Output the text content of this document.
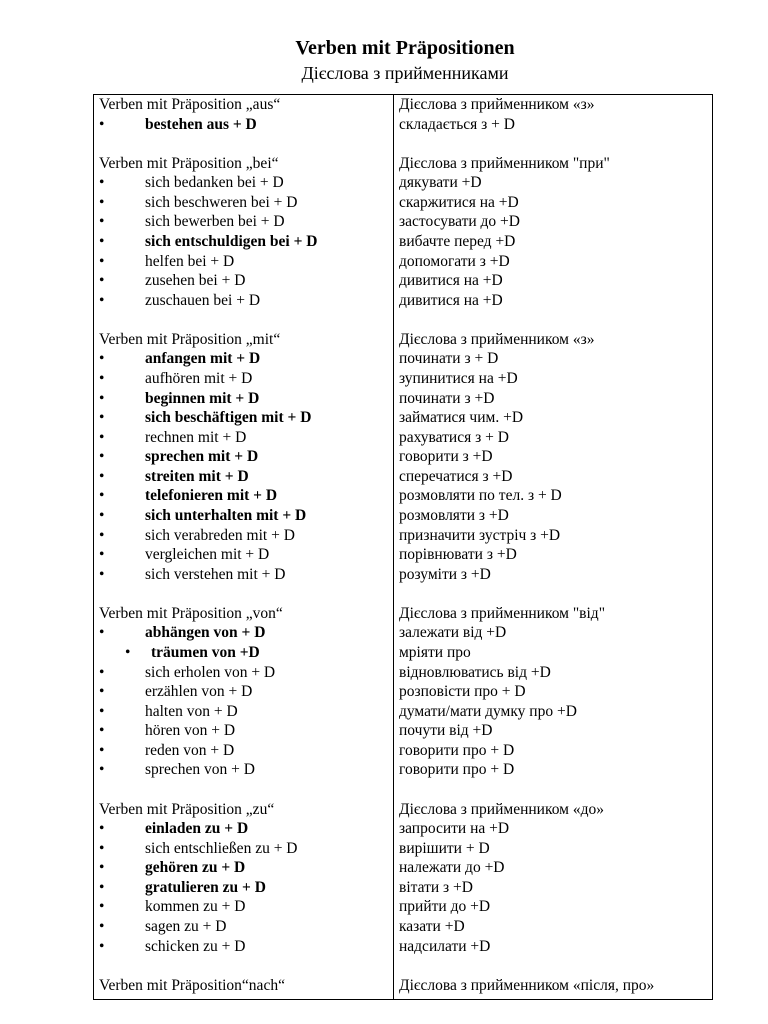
Verben mit Präpositionen
Дієслова з прийменниками
Verben mit Präposition „aus“	Дієслова з прийменником «з»
•	bestehen aus + D	складається з + D
Verben mit Präposition „bei“	Дієслова з прийменником "при"
•	sich bedanken bei + D	дякувати +D
•	sich beschweren bei + D	скаржитися на +D
•	sich bewerben bei + D	застосувати до +D
•	sich entschuldigen bei + D	вибачте перед +D
•	helfen bei + D	допомогати з +D
•	zusehen bei + D	дивитися на +D
•	zuschauen bei + D	дивитися на +D
Verben mit Präposition „mit“	Дієслова з прийменником «з»
•	anfangen mit + D	починати з + D
•	aufhören mit + D	зупинитися на +D
•	beginnen mit + D	починати з +D
•	sich beschäftigen mit + D	займатися чим. +D
•	rechnen mit + D	рахуватися з + D
•	sprechen mit + D	говорити з +D
•	streiten mit + D	сперечатися з +D
•	telefonieren mit + D	розмовляти по тел. з + D
•	sich unterhalten mit + D	розмовляти з +D
•	sich verabreden mit + D	призначити зустріч з +D
•	vergleichen mit + D	порівнювати з +D
•	sich verstehen mit + D	розуміти з +D
Verben mit Präposition „von“	Дієслова з прийменником "від"
•	abhängen von + D	залежати від +D
• träumen von +D	мріяти про
•	sich erholen von + D	відновлюватись від +D
•	erzählen von + D	розповісти про + D
•	halten von + D	думати/мати думку про +D
•	hören von + D	почути від +D
•	reden von + D	говорити про + D
•	sprechen von + D	говорити про + D
Verben mit Präposition „zu“	Дієслова з прийменником «до»
•	einladen zu + D	запросити на +D
•	sich entschließen zu + D	вирішити + D
•	gehören zu + D	належати до +D
•	gratulieren zu + D	вітати з +D
•	kommen zu + D	прийти до +D
•	sagen zu + D	казати +D
•	schicken zu + D	надсилати +D
Verben mit Präposition“nach“	Дієслова з прийменником «після, про»
